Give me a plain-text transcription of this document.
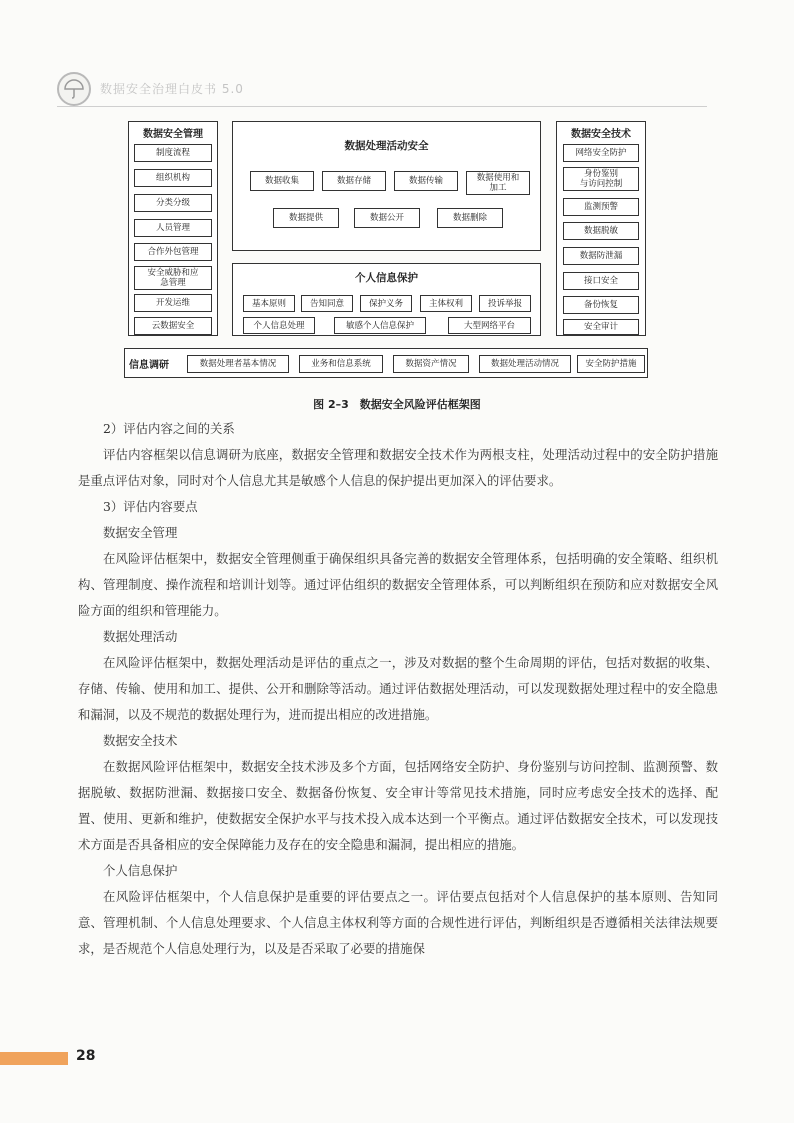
数据安全治理白皮书 5.0
数据安全管理
制度流程
组织机构
分类分级
人员管理
合作外包管理
安全威胁和应
急管理
开发运维
云数据安全
数据处理活动安全
数据收集	数据存储	数据传输	数据使用和
加工
数据提供	数据公开	数据删除
个人信息保护
基本原则	告知同意	保护义务	主体权利	投诉举报
个人信息处理	敏感个人信息保护	大型网络平台
数据安全技术
网络安全防护
身份鉴别
与访问控制
监测预警
数据脱敏
数据防泄漏
接口安全
备份恢复
安全审计
信息调研	数据处理者基本情况	业务和信息系统	数据资产情况	数据处理活动情况	安全防护措施
图 2–3　数据安全风险评估框架图

2）评估内容之间的关系

评估内容框架以信息调研为底座，数据安全管理和数据安全技术作为两根支柱，处理活动过程中的安全防护措施是重点评估对象，同时对个人信息尤其是敏感个人信息的保护提出更加深入的评估要求。

3）评估内容要点

数据安全管理

在风险评估框架中，数据安全管理侧重于确保组织具备完善的数据安全管理体系，包括明确的安全策略、组织机构、管理制度、操作流程和培训计划等。通过评估组织的数据安全管理体系，可以判断组织在预防和应对数据安全风险方面的组织和管理能力。

数据处理活动

在风险评估框架中，数据处理活动是评估的重点之一，涉及对数据的整个生命周期的评估，包括对数据的收集、存储、传输、使用和加工、提供、公开和删除等活动。通过评估数据处理活动，可以发现数据处理过程中的安全隐患和漏洞，以及不规范的数据处理行为，进而提出相应的改进措施。

数据安全技术

在数据风险评估框架中，数据安全技术涉及多个方面，包括网络安全防护、身份鉴别与访问控制、监测预警、数据脱敏、数据防泄漏、数据接口安全、数据备份恢复、安全审计等常见技术措施，同时应考虑安全技术的选择、配置、使用、更新和维护，使数据安全保护水平与技术投入成本达到一个平衡点。通过评估数据安全技术，可以发现技术方面是否具备相应的安全保障能力及存在的安全隐患和漏洞，提出相应的措施。

个人信息保护

在风险评估框架中，个人信息保护是重要的评估要点之一。评估要点包括对个人信息保护的基本原则、告知同意、管理机制、个人信息处理要求、个人信息主体权利等方面的合规性进行评估，判断组织是否遵循相关法律法规要求，是否规范个人信息处理行为，以及是否采取了必要的措施保

28
